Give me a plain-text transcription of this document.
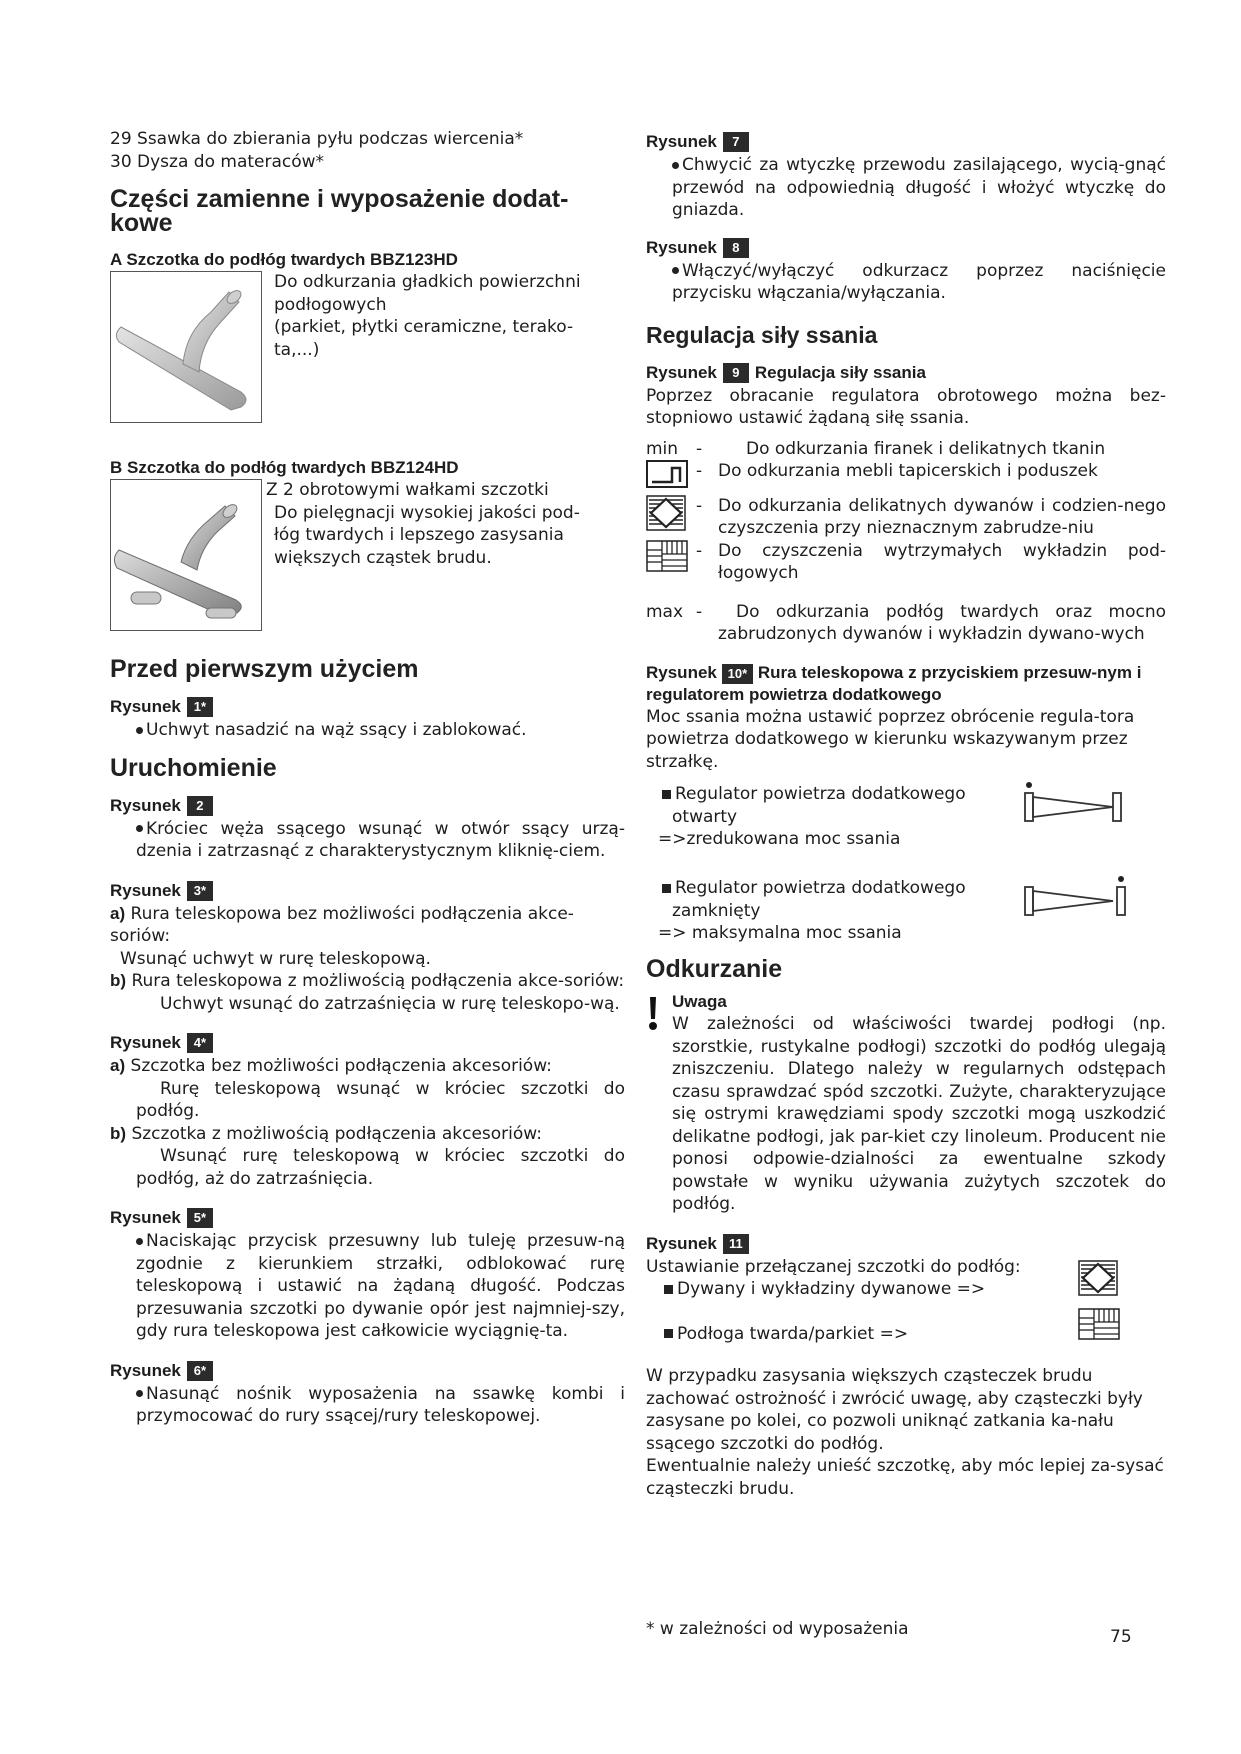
29 Ssawka do zbierania pyłu podczas wiercenia*
30 Dysza do materaców*
Części zamienne i wyposażenie dodat-kowe
A Szczotka do podłóg twardych BBZ123HD
Do odkurzania gładkich powierzchni
podłogowych
(parkiet, płytki ceramiczne, terako-
ta,...)
B Szczotka do podłóg twardych BBZ124HD
Z 2 obrotowymi wałkami szczotki
Do pielęgnacji wysokiej jakości pod-
łóg twardych i lepszego zasysania
większych cząstek brudu.
Przed pierwszym użyciem
Rysunek 1*
Uchwyt nasadzić na wąż ssący i zablokować.
Uruchomienie
Rysunek	2
Króciec węża ssącego wsunąć w otwór ssący urzą-dzenia i zatrzasnąć z charakterystycznym kliknię-ciem.
Rysunek 3*
a) Rura teleskopowa bez możliwości podłączenia akce-soriów:
Wsunąć uchwyt w rurę teleskopową.
b) Rura teleskopowa z możliwością podłączenia akce-soriów:
Uchwyt wsunąć do zatrzaśnięcia w rurę teleskopo-wą.
Rysunek 4*
a) Szczotka bez możliwości podłączenia akcesoriów:
Rurę teleskopową wsunąć w króciec szczotki do podłóg.
b) Szczotka z możliwością podłączenia akcesoriów:
Wsunąć rurę teleskopową w króciec szczotki do podłóg, aż do zatrzaśnięcia.
Rysunek 5*
Naciskając przycisk przesuwny lub tuleję przesuw-ną zgodnie z kierunkiem strzałki, odblokować rurę teleskopową i ustawić na żądaną długość. Podczas przesuwania szczotki po dywanie opór jest najmniej-szy, gdy rura teleskopowa jest całkowicie wyciągnię-ta.
Rysunek 6*
Nasunąć nośnik wyposażenia na ssawkę kombi i przymocować do rury ssącej/rury teleskopowej.
Rysunek	7
Chwycić za wtyczkę przewodu zasilającego, wycią-gnąć przewód na odpowiednią długość i włożyć wtyczkę do gniazda.
Rysunek	8
Włączyć/wyłączyć odkurzacz poprzez naciśnięcie przycisku włączania/wyłączania.
Regulacja siły ssania
Rysunek	9 Regulacja siły ssania
Poprzez obracanie regulatora obrotowego można bez-stopniowo ustawić żądaną siłę ssania.
min	-	Do odkurzania firanek i delikatnych tkanin
- Do odkurzania mebli tapicerskich i poduszek
- Do odkurzania delikatnych dywanów i codzien-nego czyszczenia przy nieznacznym zabrudze-niu
- Do czyszczenia wytrzymałych wykładzin pod-łogowych
max -	Do odkurzania podłóg twardych oraz mocno zabrudzonych dywanów i wykładzin dywano-wych
Rysunek 10* Rura teleskopowa z przyciskiem przesuw-nym i regulatorem powietrza dodatkowego
Moc ssania można ustawić poprzez obrócenie regula-tora powietrza dodatkowego w kierunku wskazywanym przez strzałkę.
Regulator powietrza dodatkowego
otwarty
=>zredukowana moc ssania
Regulator powietrza dodatkowego
zamknięty
=> maksymalna moc ssania
Odkurzanie
Uwaga
W zależności od właściwości twardej podłogi (np. szorstkie, rustykalne podłogi) szczotki do podłóg ulegają zniszczeniu. Dlatego należy w regularnych odstępach czasu sprawdzać spód szczotki. Zużyte, charakteryzujące się ostrymi krawędziami spody szczotki mogą uszkodzić delikatne podłogi, jak par-kiet czy linoleum. Producent nie ponosi odpowie-dzialności za ewentualne szkody powstałe w wyniku używania zużytych szczotek do podłóg.
Rysunek 11
Ustawianie przełączanej szczotki do podłóg:
Dywany i wykładziny dywanowe =>
Podłoga twarda/parkiet =>
W przypadku zasysania większych cząsteczek brudu zachować ostrożność i zwrócić uwagę, aby cząsteczki były zasysane po kolei, co pozwoli uniknąć zatkania ka-nału ssącego szczotki do podłóg.
Ewentualnie należy unieść szczotkę, aby móc lepiej za-sysać cząsteczki brudu.
* w zależności od wyposażenia	75
